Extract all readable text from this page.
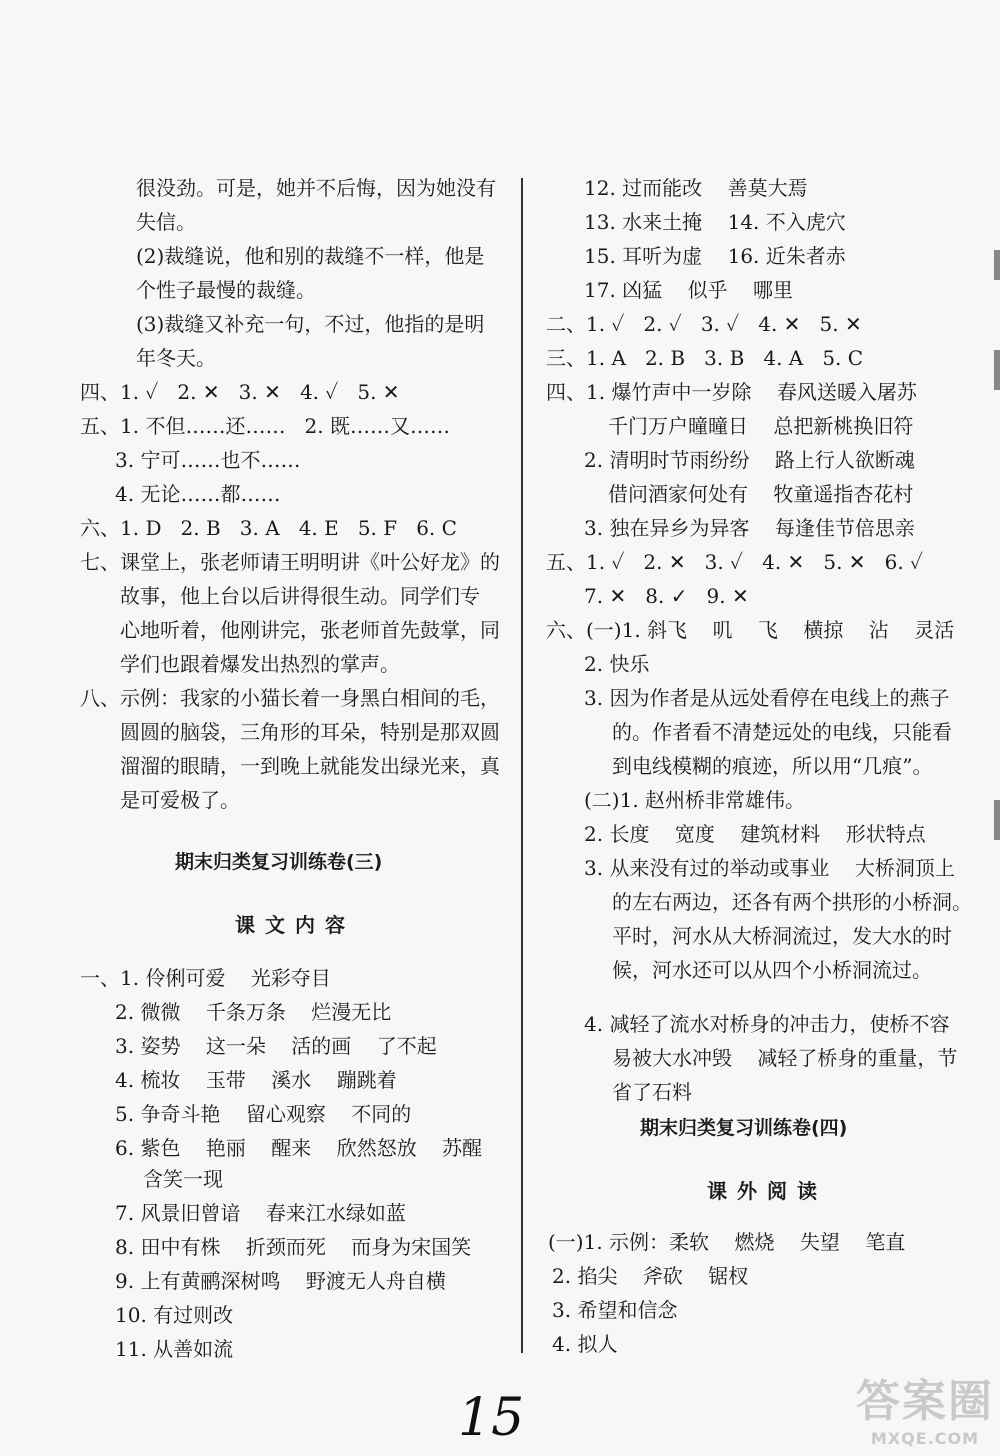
很没劲。可是，她并不后悔，因为她没有
失信。
(2)裁缝说，他和别的裁缝不一样，他是
个性子最慢的裁缝。
(3)裁缝又补充一句，不过，他指的是明
年冬天。
四、1. ✓   2. ✕   3. ✕   4. ✓   5. ✕
五、1. 不但……还……   2. 既……又……
3. 宁可……也不……
4. 无论……都……
六、1. D   2. B   3. A   4. E   5. F   6. C
七、课堂上，张老师请王明明讲《叶公好龙》的
故事，他上台以后讲得很生动。同学们专
心地听着，他刚讲完，张老师首先鼓掌，同
学们也跟着爆发出热烈的掌声。
八、示例：我家的小猫长着一身黑白相间的毛，
圆圆的脑袋，三角形的耳朵，特别是那双圆
溜溜的眼睛，一到晚上就能发出绿光来，真
是可爱极了。
期末归类复习训练卷(三)
课文内容
一、1. 伶俐可爱    光彩夺目
2. 微微    千条万条    烂漫无比
3. 姿势    这一朵    活的画    了不起
4. 梳妆    玉带    溪水    蹦跳着
5. 争奇斗艳    留心观察    不同的
6. 紫色    艳丽    醒来    欣然怒放    苏醒
含笑一现
7. 风景旧曾谙    春来江水绿如蓝
8. 田中有株    折颈而死    而身为宋国笑
9. 上有黄鹂深树鸣    野渡无人舟自横
10. 有过则改
11. 从善如流
12. 过而能改    善莫大焉
13. 水来土掩    14. 不入虎穴
15. 耳听为虚    16. 近朱者赤
17. 凶猛    似乎    哪里
二、1. ✓   2. ✓   3. ✓   4. ✕   5. ✕
三、1. A   2. B   3. B   4. A   5. C
四、1. 爆竹声中一岁除    春风送暖入屠苏
千门万户曈曈日    总把新桃换旧符
2. 清明时节雨纷纷    路上行人欲断魂
借问酒家何处有    牧童遥指杏花村
3. 独在异乡为异客    每逢佳节倍思亲
五、1. ✓   2. ✕   3. ✓   4. ✕   5. ✕   6. ✓
7. ✕   8. ✓   9. ✕
六、(一)1. 斜飞    叽    飞    横掠    沾    灵活
2. 快乐
3. 因为作者是从远处看停在电线上的燕子
的。作者看不清楚远处的电线，只能看
到电线模糊的痕迹，所以用“几痕”。
(二)1. 赵州桥非常雄伟。
2. 长度    宽度    建筑材料    形状特点
3. 从来没有过的举动或事业    大桥洞顶上
的左右两边，还各有两个拱形的小桥洞。
平时，河水从大桥洞流过，发大水的时
候，河水还可以从四个小桥洞流过。
4. 减轻了流水对桥身的冲击力，使桥不容
易被大水冲毁    减轻了桥身的重量，节
省了石料
期末归类复习训练卷(四)
课外阅读
(一)1. 示例：柔软    燃烧    失望    笔直
2. 掐尖    斧砍    锯杈
3. 希望和信念
4. 拟人
15	答案圈
MXQE.COM
